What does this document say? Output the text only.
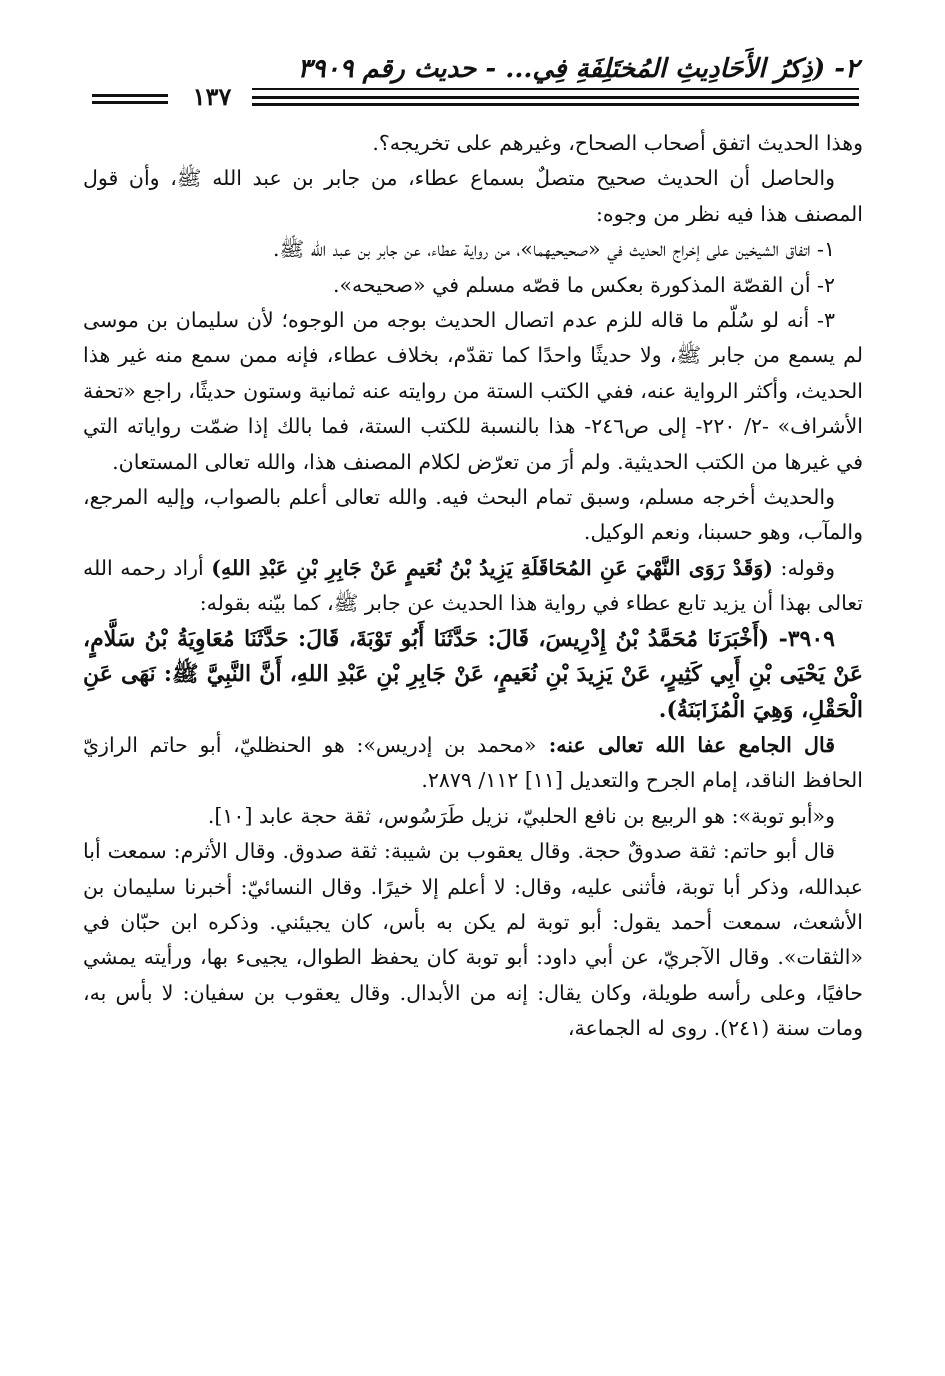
٢- (ذِكرُ الأَحَادِيثِ المُختَلِفَةِ فِي... - حديث رقم ٣٩٠٩
١٣٧

وهذا الحديث اتفق أصحاب الصحاح، وغيرهم على تخريجه؟.

والحاصل أن الحديث صحيح متصلٌ بسماع عطاء، من جابر بن عبد الله ﷺ، وأن قول المصنف هذا فيه نظر من وجوه:

١- اتفاق الشيخين على إخراج الحديث في «صحيحيهما»، من رواية عطاء، عن جابر بن عبد الله ﷺ.

٢- أن القصّة المذكورة بعكس ما قصّه مسلم في «صحيحه».

٣- أنه لو سُلّم ما قاله للزم عدم اتصال الحديث بوجه من الوجوه؛ لأن سليمان بن موسى لم يسمع من جابر ﷺ، ولا حديثًا واحدًا كما تقدّم، بخلاف عطاء، فإنه ممن سمع منه غير هذا الحديث، وأكثر الرواية عنه، ففي الكتب الستة من روايته عنه ثمانية وستون حديثًا، راجع «تحفة الأشراف» -٢/ ٢٢٠- إلى ص٢٤٦- هذا بالنسبة للكتب الستة، فما بالك إذا ضمّت رواياته التي في غيرها من الكتب الحديثية. ولم أرَ من تعرّض لكلام المصنف هذا، والله تعالى المستعان.

والحديث أخرجه مسلم، وسبق تمام البحث فيه. والله تعالى أعلم بالصواب، وإليه المرجع، والمآب، وهو حسبنا، ونعم الوكيل.

وقوله: (وَقَدْ رَوَى النَّهْيَ عَنِ المُحَاقَلَةِ يَزِيدُ بْنُ نُعَيمٍ عَنْ جَابِرِ بْنِ عَبْدِ اللهِ) أراد رحمه الله تعالى بهذا أن يزيد تابع عطاء في رواية هذا الحديث عن جابر ﷺ، كما بيّنه بقوله:

٣٩٠٩- (أَخْبَرَنَا مُحَمَّدُ بْنُ إِدْرِيسَ، قَالَ: حَدَّثَنَا أَبُو تَوْبَةَ، قَالَ: حَدَّثَنَا مُعَاوِيَةُ بْنُ سَلَّامٍ، عَنْ يَحْيَى بْنِ أَبِي كَثِيرٍ، عَنْ يَزِيدَ بْنِ نُعَيمٍ، عَنْ جَابِرِ بْنِ عَبْدِ اللهِ، أَنَّ النَّبِيَّ ﷺ: نَهَى عَنِ الْحَقْلِ، وَهِيَ الْمُزَابَنَةُ).

قال الجامع عفا الله تعالى عنه: «محمد بن إدريس»: هو الحنظليّ، أبو حاتم الرازيّ الحافظ الناقد، إمام الجرح والتعديل [١١] ١١٢/ ٢٨٧٩.

و«أبو توبة»: هو الربيع بن نافع الحلبيّ، نزيل طَرَسُوس، ثقة حجة عابد [١٠].

قال أبو حاتم: ثقة صدوقٌ حجة. وقال يعقوب بن شيبة: ثقة صدوق. وقال الأثرم: سمعت أبا عبدالله، وذكر أبا توبة، فأثنى عليه، وقال: لا أعلم إلا خيرًا. وقال النسائيّ: أخبرنا سليمان بن الأشعث، سمعت أحمد يقول: أبو توبة لم يكن به بأس، كان يجيئني. وذكره ابن حبّان في «الثقات». وقال الآجريّ، عن أبي داود: أبو توبة كان يحفظ الطوال، يجيىء بها، ورأيته يمشي حافيًا، وعلى رأسه طويلة، وكان يقال: إنه من الأبدال. وقال يعقوب بن سفيان: لا بأس به، ومات سنة (٢٤١). روى له الجماعة،
